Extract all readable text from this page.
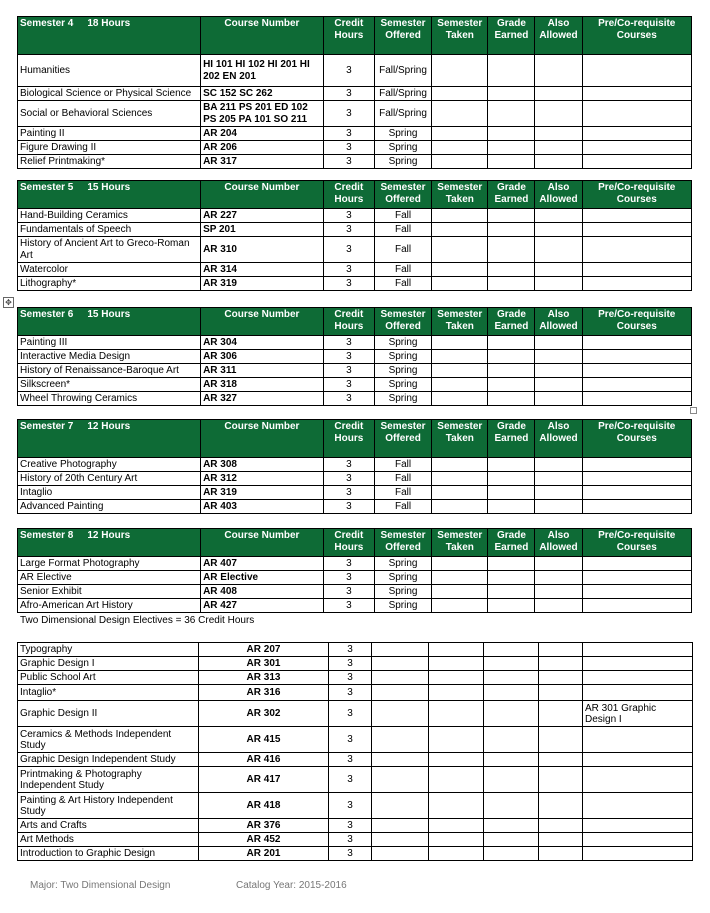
✥
Semester 4 18 Hours	Course Number	Credit Hours	Semester Offered	Semester Taken	Grade Earned	Also Allowed	Pre/Co-requisite Courses
Humanities	HI 101 HI 102 HI 201 HI 202 EN 201	3	Fall/Spring				
Biological Science or Physical Science	SC 152 SC 262	3	Fall/Spring				
Social or Behavioral Sciences	BA 211 PS 201 ED 102 PS 205 PA 101 SO 211	3	Fall/Spring				
Painting II	AR 204	3	Spring				
Figure Drawing II	AR 206	3	Spring				
Relief Printmaking*	AR 317	3	Spring				
Semester 5 15 Hours	Course Number	Credit Hours	Semester Offered	Semester Taken	Grade Earned	Also Allowed	Pre/Co-requisite Courses
Hand-Building Ceramics	AR 227	3	Fall				
Fundamentals of Speech	SP 201	3	Fall				
History of Ancient Art to Greco-Roman Art	AR 310	3	Fall				
Watercolor	AR 314	3	Fall				
Lithography*	AR 319	3	Fall				
Semester 6 15 Hours	Course Number	Credit Hours	Semester Offered	Semester Taken	Grade Earned	Also Allowed	Pre/Co-requisite Courses
Painting III	AR 304	3	Spring				
Interactive Media Design	AR 306	3	Spring				
History of Renaissance-Baroque Art	AR 311	3	Spring				
Silkscreen*	AR 318	3	Spring				
Wheel Throwing Ceramics	AR 327	3	Spring				
Semester 7 12 Hours	Course Number	Credit Hours	Semester Offered	Semester Taken	Grade Earned	Also Allowed	Pre/Co-requisite Courses
Creative Photography	AR 308	3	Fall				
History of 20th Century Art	AR 312	3	Fall				
Intaglio	AR 319	3	Fall				
Advanced Painting	AR 403	3	Fall				
Semester 8 12 Hours	Course Number	Credit Hours	Semester Offered	Semester Taken	Grade Earned	Also Allowed	Pre/Co-requisite Courses
Large Format Photography	AR 407	3	Spring				
AR Elective	AR Elective	3	Spring				
Senior Exhibit	AR 408	3	Spring				
Afro-American Art History	AR 427	3	Spring				
Two Dimensional Design Electives = 36 Credit Hours
Typography	AR 207	3					
Graphic Design I	AR 301	3					
Public School Art	AR 313	3					
Intaglio*	AR 316	3					
Graphic Design II	AR 302	3					AR 301 Graphic Design I
Ceramics & Methods Independent Study	AR 415	3					
Graphic Design Independent Study	AR 416	3					
Printmaking & Photography Independent Study	AR 417	3					
Painting & Art History Independent Study	AR 418	3					
Arts and Crafts	AR 376	3					
Art Methods	AR 452	3					
Introduction to Graphic Design	AR 201	3					
Major: Two Dimensional Design	Catalog Year: 2015-2016
